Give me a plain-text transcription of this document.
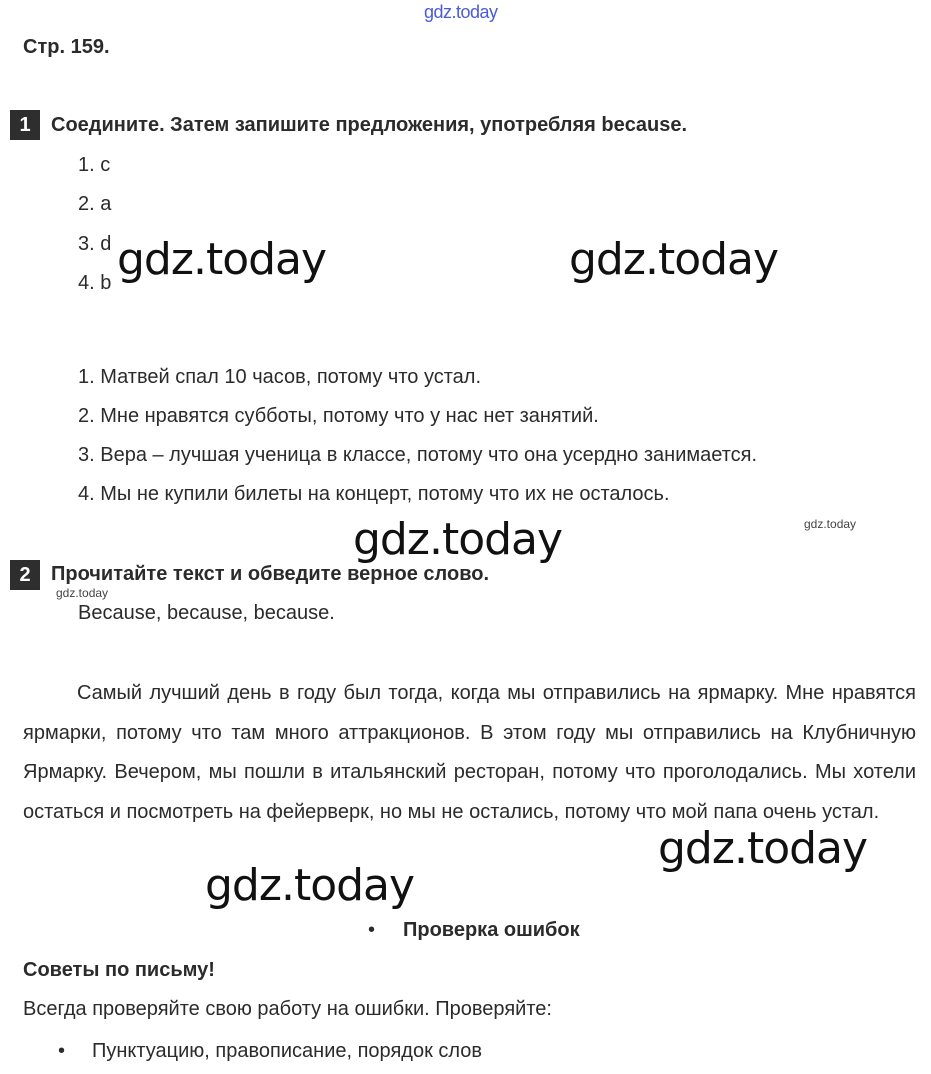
gdz.today
Стр. 159.
1	Соедините. Затем запишите предложения, употребляя because.
1. c
2. a
3. d
4. b gdz.today	gdz.today
1. Матвей спал 10 часов, потому что устал.
2. Мне нравятся субботы, потому что у нас нет занятий.
3. Вера – лучшая ученица в классе, потому что она усердно занимается.
4. Мы не купили билеты на концерт, потому что их не осталось.
gdz.today
gdz.today
2	Прочитайте текст и обведите верное слово.
gdz.today
Because, because, because.

Самый лучший день в году был тогда, когда мы отправились на ярмарку. Мне нравятся ярмарки, потому что там много аттракционов. В этом году мы отправились на Клубничную Ярмарку. Вечером, мы пошли в итальянский ресторан, потому что проголодались. Мы хотели остаться и посмотреть на фейерверк, но мы не остались, потому что мой папа очень устал.

gdz.today
gdz.today
• Проверка ошибок
Советы по письму!
Всегда проверяйте свою работу на ошибки. Проверяйте:
• Пунктуацию, правописание, порядок слов
